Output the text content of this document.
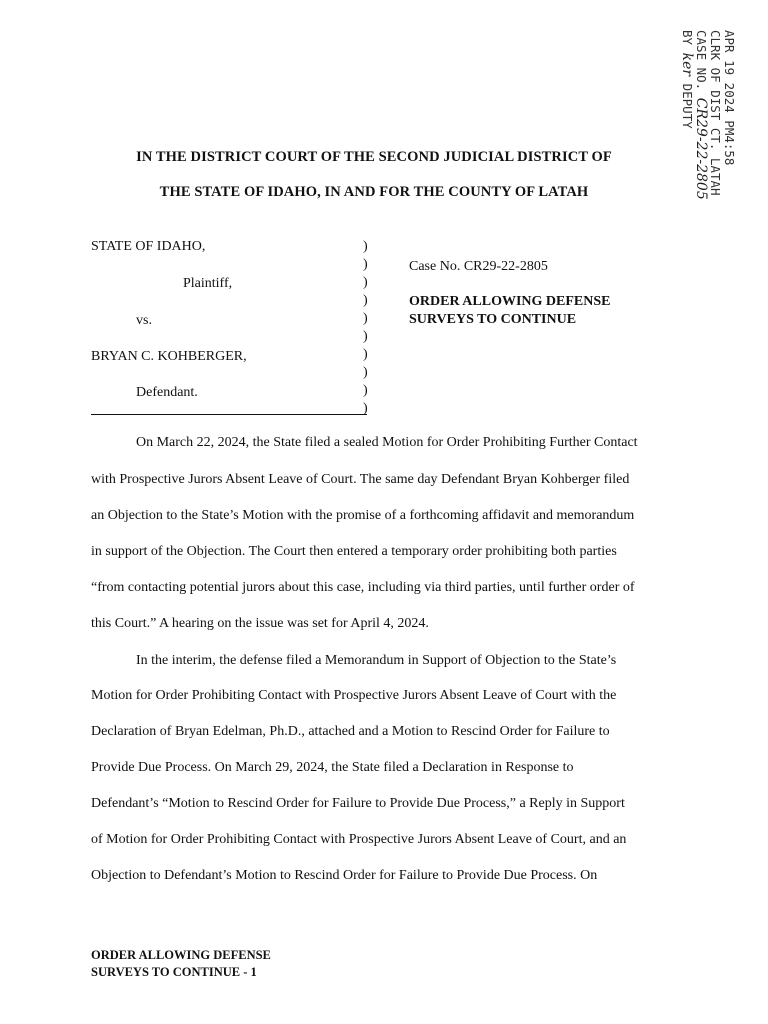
APR 19 2024 PM4:58
CLRK OF DIST CT. LATAH
CASE NO. CR29-22-2805
BY ker DEPUTY
IN THE DISTRICT COURT OF THE SECOND JUDICIAL DISTRICT OF
THE STATE OF IDAHO, IN AND FOR THE COUNTY OF LATAH
STATE OF IDAHO,
Plaintiff,
vs.
BRYAN C. KOHBERGER,
Defendant.
)
)
)
)
)
)
)
)
)
)
Case No. CR29-22-2805
ORDER ALLOWING DEFENSE
SURVEYS TO CONTINUE
On March 22, 2024, the State filed a sealed Motion for Order Prohibiting Further Contact
with Prospective Jurors Absent Leave of Court. The same day Defendant Bryan Kohberger filed
an Objection to the State’s Motion with the promise of a forthcoming affidavit and memorandum
in support of the Objection. The Court then entered a temporary order prohibiting both parties
“from contacting potential jurors about this case, including via third parties, until further order of
this Court.” A hearing on the issue was set for April 4, 2024.
In the interim, the defense filed a Memorandum in Support of Objection to the State’s
Motion for Order Prohibiting Contact with Prospective Jurors Absent Leave of Court with the
Declaration of Bryan Edelman, Ph.D., attached and a Motion to Rescind Order for Failure to
Provide Due Process. On March 29, 2024, the State filed a Declaration in Response to
Defendant’s “Motion to Rescind Order for Failure to Provide Due Process,” a Reply in Support
of Motion for Order Prohibiting Contact with Prospective Jurors Absent Leave of Court, and an
Objection to Defendant’s Motion to Rescind Order for Failure to Provide Due Process. On
ORDER ALLOWING DEFENSE
SURVEYS TO CONTINUE - 1
